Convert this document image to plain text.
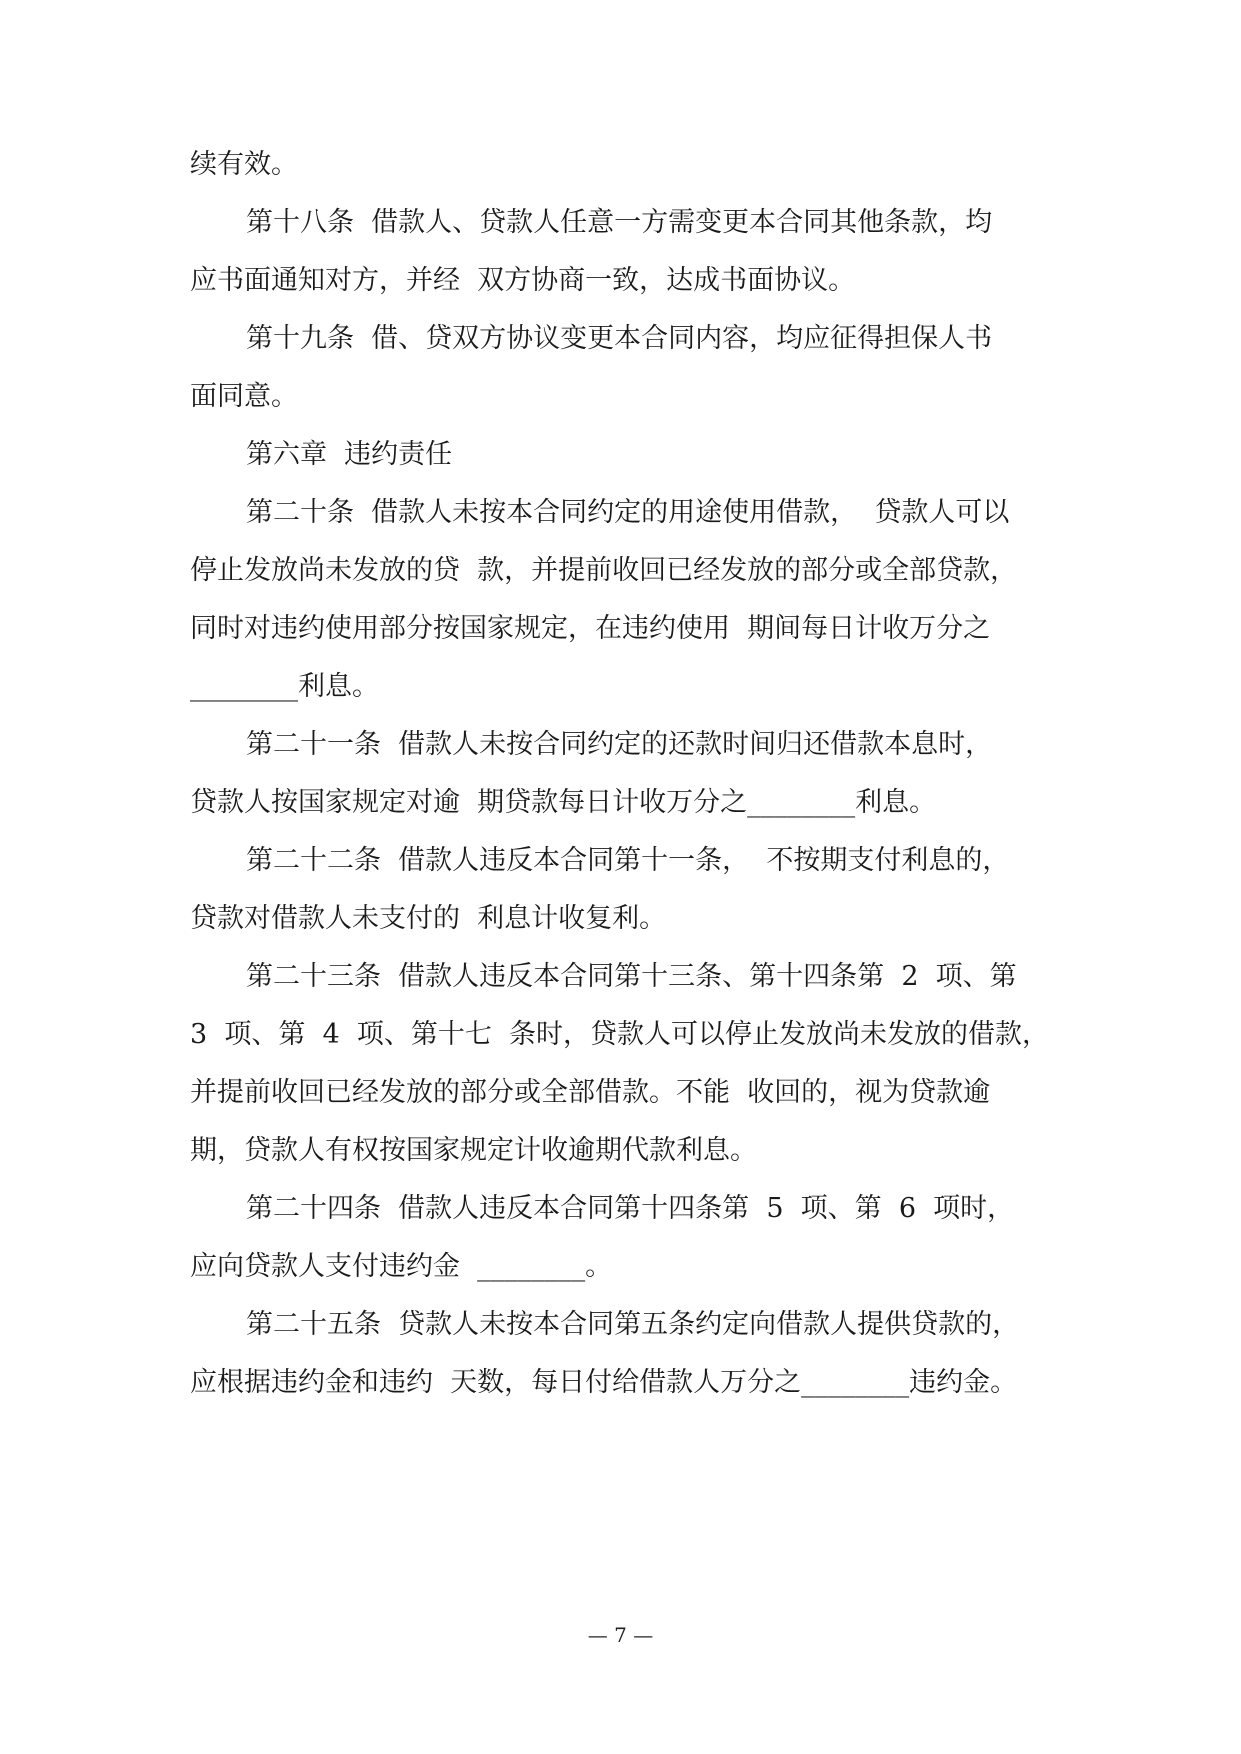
续有效。
第十八条  借款人、贷款人任意一方需变更本合同其他条款，均
应书面通知对方，并经  双方协商一致，达成书面协议。
第十九条  借、贷双方协议变更本合同内容，均应征得担保人书
面同意。
第六章  违约责任
第二十条  借款人未按本合同约定的用途使用借款，  贷款人可以
停止发放尚未发放的贷  款，并提前收回已经发放的部分或全部贷款，
同时对违约使用部分按国家规定，在违约使用  期间每日计收万分之
________利息。
第二十一条  借款人未按合同约定的还款时间归还借款本息时，
贷款人按国家规定对逾  期贷款每日计收万分之________利息。
第二十二条  借款人违反本合同第十一条，  不按期支付利息的，
贷款对借款人未支付的  利息计收复利。
第二十三条  借款人违反本合同第十三条、第十四条第  2  项、第
3  项、第  4  项、第十七  条时，贷款人可以停止发放尚未发放的借款，
并提前收回已经发放的部分或全部借款。不能  收回的，视为贷款逾
期，贷款人有权按国家规定计收逾期代款利息。
第二十四条  借款人违反本合同第十四条第  5  项、第  6  项时，
应向贷款人支付违约金  ________。
第二十五条  贷款人未按本合同第五条约定向借款人提供贷款的，
应根据违约金和违约  天数，每日付给借款人万分之________违约金。
— 7 —
